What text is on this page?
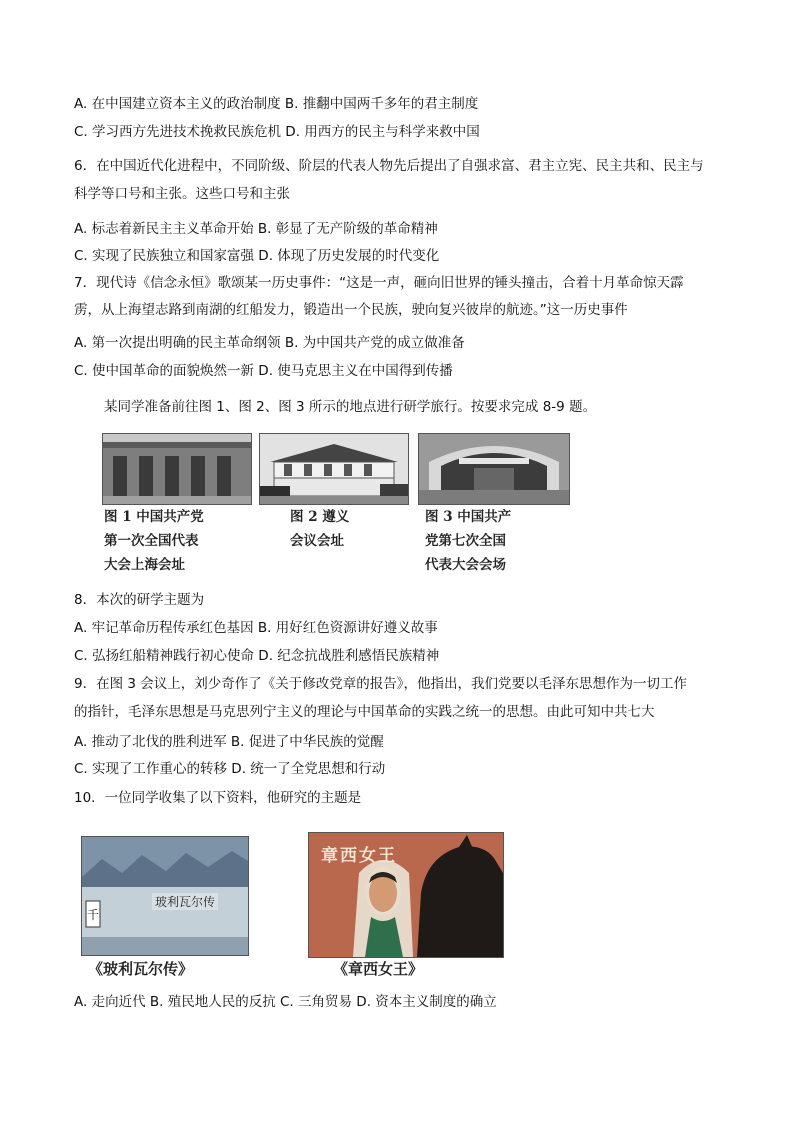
A. 在中国建立资本主义的政治制度 B. 推翻中国两千多年的君主制度
C. 学习西方先进技术挽救民族危机 D. 用西方的民主与科学来救中国
6．在中国近代化进程中，不同阶级、阶层的代表人物先后提出了自强求富、君主立宪、民主共和、民主与
科学等口号和主张。这些口号和主张
A. 标志着新民主主义革命开始 B. 彰显了无产阶级的革命精神
C. 实现了民族独立和国家富强 D. 体现了历史发展的时代变化
7．现代诗《信念永恒》歌颂某一历史事件：“这是一声，砸向旧世界的锤头撞击，合着十月革命惊天霹
雳，从上海望志路到南湖的红船发力，锻造出一个民族，驶向复兴彼岸的航迹。”这一历史事件
A. 第一次提出明确的民主革命纲领 B. 为中国共产党的成立做准备
C. 使中国革命的面貌焕然一新 D. 使马克思主义在中国得到传播
某同学准备前往图 1、图 2、图 3 所示的地点进行研学旅行。按要求完成 8-9 题。
图 1 中国共产党
第一次全国代表
大会上海会址
图 2 遵义
会议会址
图 3 中国共产
党第七次全国
代表大会会场
8．本次的研学主题为
A. 牢记革命历程传承红色基因 B. 用好红色资源讲好遵义故事
C. 弘扬红船精神践行初心使命 D. 纪念抗战胜利感悟民族精神
9．在图 3 会议上，刘少奇作了《关于修改党章的报告》，他指出，我们党要以毛泽东思想作为一切工作
的指针，毛泽东思想是马克思列宁主义的理论与中国革命的实践之统一的思想。由此可知中共七大
A. 推动了北伐的胜利进军 B. 促进了中华民族的觉醒
C. 实现了工作重心的转移 D. 统一了全党思想和行动
10．一位同学收集了以下资料，他研究的主题是
千
玻利瓦尔传
《玻利瓦尔传》
章西女王
《章西女王》
A. 走向近代 B. 殖民地人民的反抗 C. 三角贸易 D. 资本主义制度的确立
